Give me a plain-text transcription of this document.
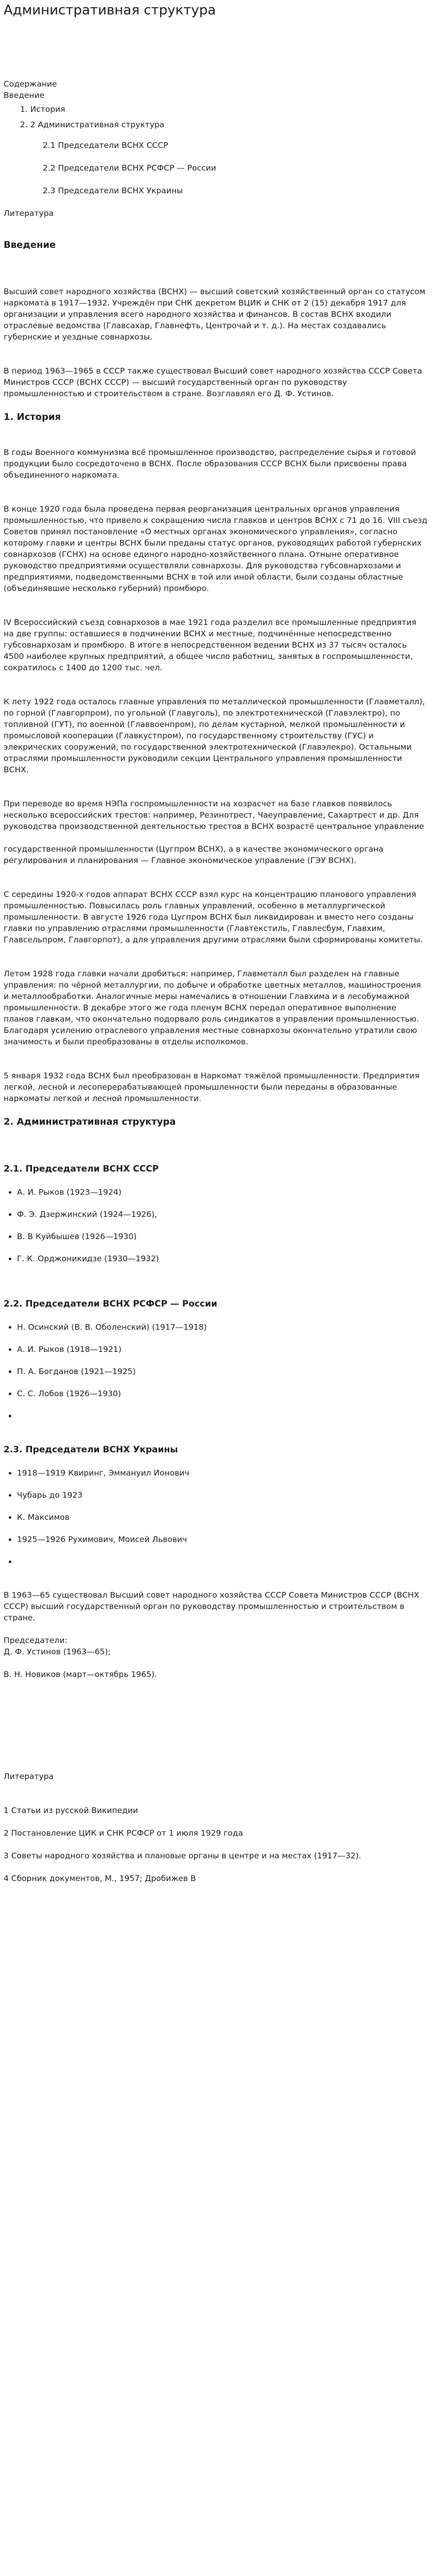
Административная структура

Содержание

Введение

1. История
2. 2 Административная структура
2.1 Председатели ВСНХ СССР
2.2 Председатели ВСНХ РСФСР — России
2.3 Председатели ВСНХ Украины

Литература

Введение

Высший совет народного хозяйства (ВСНХ) — высший советский хозяйственный орган со статусом наркомата в 1917—1932. Учреждён при СНК декретом ВЦИК и СНК от 2 (15) декабря 1917 для организации и управления всего народного хозяйства и финансов. В состав ВСНХ входили отраслевые ведомства (Главсахар, Главнефть, Центрочай и т. д.). На местах создавались губернские и уездные совнархозы.

В период 1963—1965 в СССР также существовал Высший совет народного хозяйства СССР Совета Министров СССР (ВСНХ СССР) — высший государственный орган по руководству промышленностью и строительством в стране. Возглавлял его Д. Ф. Устинов.

1. История

В годы Военного коммунизма всё промышленное производство, распределение сырья и готовой продукции было сосредоточено в ВСНХ. После образования СССР ВСНХ были присвоены права объединенного наркомата.

В конце 1920 года была проведена первая реорганизация центральных органов управления промышленностью, что привело к сокращению числа главков и центров ВСНХ с 71 до 16. VIII съезд Советов принял постановление «О местных органах экономического управления», согласно которому главки и центры ВСНХ были преданы статус органов, руководящих работой губернских совнархозов (ГСНХ) на основе единого народно-хозяйственного плана. Отныне оперативное руководство предприятиями осуществляли совнархозы. Для руководства губсовнархозами и предприятиями, подведомственными ВСНХ в той или иной области, были созданы областные (объединявшие несколько губерний) промбюро.

IV Всероссийский съезд совнархозов в мае 1921 года разделил все промышленные предприятия на две группы: оставшиеся в подчинении ВСНХ и местные, подчинённые непосредственно губсовнархозам и промбюро. В итоге в непосредственном ведении ВСНХ из 37 тысяч осталось 4500 наиболее крупных предприятий, а общее число работниц, занятых в госпромышленности, сократилось с 1400 до 1200 тыс. чел.

К лету 1922 года осталось главные управления по металлической промышленности (Главметалл), по горной (Главгорпром), по угольной (Главуголь), по электротехнической (Главэлектро), по топливной (ГУТ), по военной (Главвоенпром), по делам кустарной, мелкой промышленности и промысловой кооперации (Главкустпром), по государственному строительству (ГУС) и элекрических сооружений, по государственной электротехнической (Главэлекро). Остальными отраслями промышленности руководили секции Центрального управления промышленности ВСНХ.

При переводе во время НЭПа госпромышленности на хозрасчет на базе главков появилось несколько всероссийских трестов: например, Резинотрест, Чаеуправление, Сахартрест и др. Для руководства производственной деятельностью трестов в ВСНХ возрастё центральное управление

государственной промышленности (Цугпром ВСНХ), а в качестве экономического органа регулирования и планирования — Главное экономическое управление (ГЭУ ВСНХ).

С середины 1920-х годов аппарат ВСНХ СССР взял курс на концентрацию планового управления промышленностью. Повысилась роль главных управлений, особенно в металлургической промышленности. В августе 1926 года Цугпром ВСНХ был ликвидирован и вместо него созданы главки по управлению отраслями промышленности (Главтекстиль, Главлесбум, Главхим, Главсельпром, Главгорпот), а для управления другими отраслями были сформированы комитеты.

Летом 1928 года главки начали дробиться: например, Главметалл был разделен на главные управления: по чёрной металлургии, по добыче и обработке цветных металлов, машиностроения и металлообработки. Аналогичные меры намечались в отношении Главхима и в лесобумажной промышленности. В декабре этого же года пленум ВСНХ передал оперативное выполнение планов главкам, что окончательно подорвало роль синдикатов в управлении промышленностью. Благодаря усилению отраслевого управления местные совнархозы окончательно утратили свою значимость и были преобразованы в отделы исполкомов.

5 января 1932 года ВСНХ был преобразован в Наркомат тяжёлой промышленности. Предприятия легкой, лесной и лесоперерабатывающей промышленности были переданы в образованные наркоматы легкой и лесной промышленности.

2. Административная структура
2.1. Председатели ВСНХ СССР
• А. И. Рыков (1923—1924)
• Ф. Э. Дзержинский (1924—1926),
• В. В Куйбышев (1926—1930)
• Г. К. Орджоникидзе (1930—1932)
2.2. Председатели ВСНХ РСФСР — России
• Н. Осинский (В. В. Оболенский) (1917—1918)
• А. И. Рыков (1918—1921)
• П. А. Богданов (1921—1925)
• С. С. Лобов (1926—1930)
•
2.3. Председатели ВСНХ Украины
• 1918—1919 Квиринг, Эммануил Ионович
• Чубарь до 1923
• К. Максимов
• 1925—1926 Рухимович, Моисей Львович
•

В 1963—65 существовал Высший совет народного хозяйства СССР Совета Министров СССР (ВСНХ СССР) высший государственный орган по руководству промышленностью и строительством в стране.

Председатели:

Д. Ф. Устинов (1963—65);

В. Н. Новиков (март—октябрь 1965).

Литература

1 Статьи из русской Википедии

2 Постановление ЦИК и СНК РСФСР от 1 июля 1929 года

3 Советы народного хозяйства и плановые органы в центре и на местах (1917—32).

4 Сборник документов, М., 1957; Дробижев В
